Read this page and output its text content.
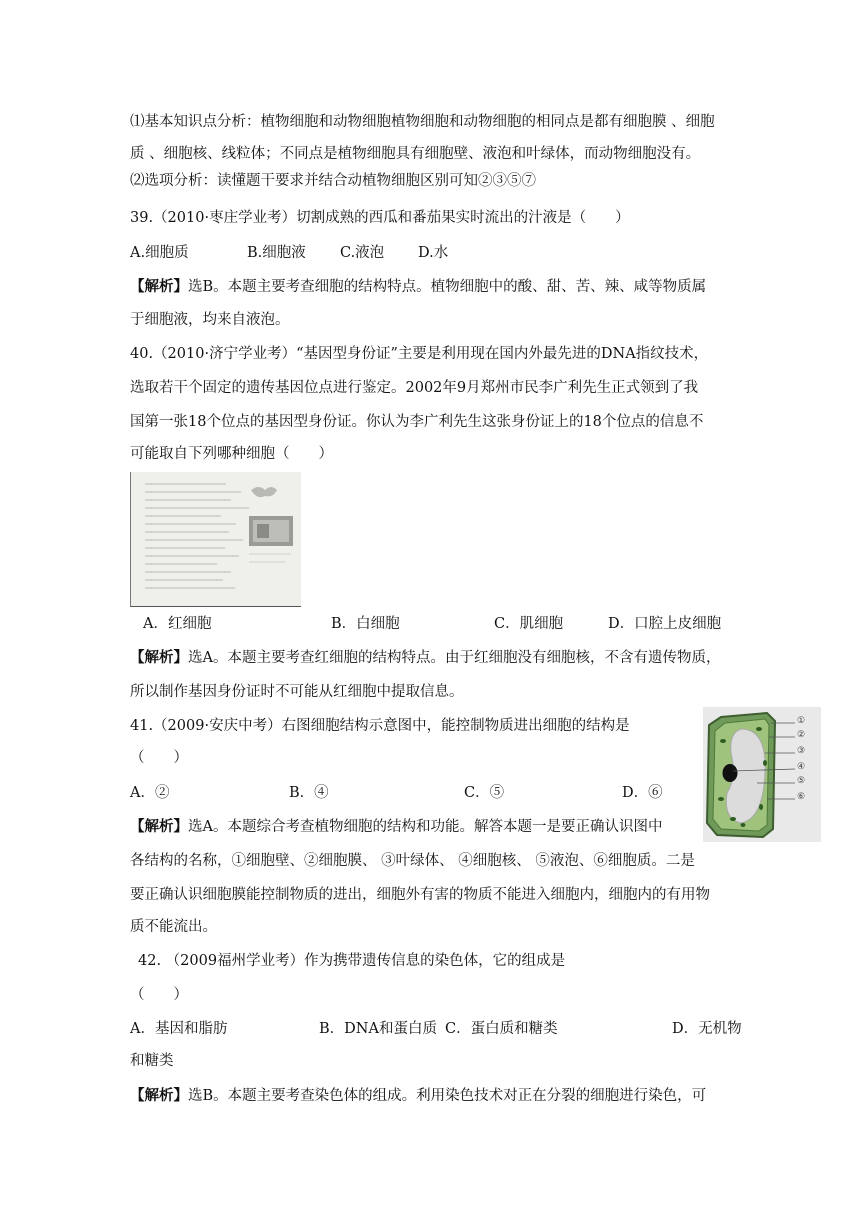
⑴基本知识点分析：植物细胞和动物细胞植物细胞和动物细胞的相同点是都有细胞膜 、细胞
质 、细胞核、线粒体；不同点是植物细胞具有细胞壁、液泡和叶绿体，而动物细胞没有。
⑵选项分析：读懂题干要求并结合动植物细胞区别可知②③⑤⑦
39.（2010·枣庄学业考）切割成熟的西瓜和番茄果实时流出的汁液是（　　）
A.细胞质	B.细胞液 C.液泡 D.水
【解析】选B。本题主要考查细胞的结构特点。植物细胞中的酸、甜、苦、辣、咸等物质属
于细胞液，均来自液泡。
40.（2010·济宁学业考）“基因型身份证”主要是利用现在国内外最先进的DNA指纹技术，
选取若干个固定的遗传基因位点进行鉴定。2002年9月郑州市民李广利先生正式领到了我
国第一张18个位点的基因型身份证。你认为李广利先生这张身份证上的18个位点的信息不
可能取自下列哪种细胞（　　）
A．红细胞	B．白细胞	C．肌细胞	D．口腔上皮细胞
【解析】选A。本题主要考查红细胞的结构特点。由于红细胞没有细胞核，不含有遗传物质，
所以制作基因身份证时不可能从红细胞中提取信息。
41.（2009·安庆中考）右图细胞结构示意图中，能控制物质进出细胞的结构是
（　　）
A．②	B．④	C．⑤	D．⑥
【解析】选A。本题综合考查植物细胞的结构和功能。解答本题一是要正确认识图中
各结构的名称，①细胞壁、②细胞膜、 ③叶绿体、 ④细胞核、 ⑤液泡、⑥细胞质。二是
要正确认识细胞膜能控制物质的进出，细胞外有害的物质不能进入细胞内，细胞内的有用物
质不能流出。
①
②
③
④
⑤
⑥
42. （2009福州学业考）作为携带遗传信息的染色体，它的组成是
（　　）
A．基因和脂肪	B．DNA和蛋白质 C．蛋白质和糖类	D．无机物
和糖类
【解析】选B。本题主要考查染色体的组成。利用染色技术对正在分裂的细胞进行染色，可
